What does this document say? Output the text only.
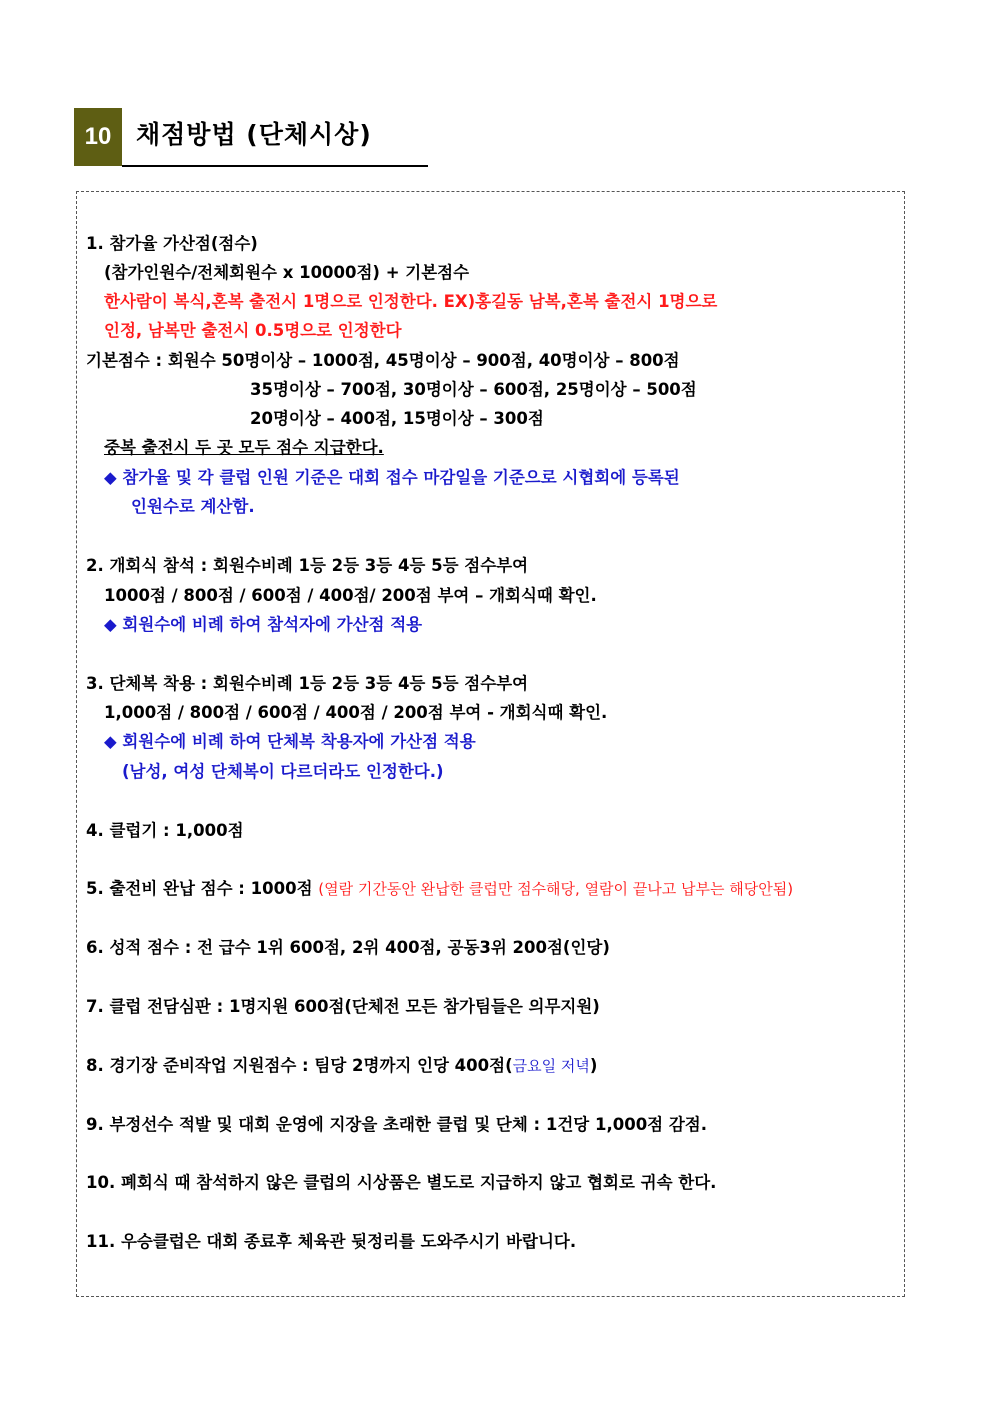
10 채점방법 (단체시상)
1. 참가율 가산점(점수)
(참가인원수/전체회원수 x 10000점) + 기본점수
한사람이 복식,혼복 출전시 1명으로 인정한다. EX)홍길동 남복,혼복 출전시 1명으로
인정, 남복만 출전시 0.5명으로 인정한다
기본점수 : 회원수 50명이상 – 1000점, 45명이상 – 900점, 40명이상 – 800점
35명이상 – 700점, 30명이상 – 600점, 25명이상 – 500점
20명이상 – 400점, 15명이상 – 300점
중복 출전시 두 곳 모두 점수 지급한다.
◆ 참가율 및 각 클럽 인원 기준은 대회 접수 마감일을 기준으로 시협회에 등록된
인원수로 계산함.
2. 개회식 참석 : 회원수비례 1등 2등 3등 4등 5등 점수부여
1000점 / 800점 / 600점 / 400점/ 200점 부여 – 개회식때 확인.
◆ 회원수에 비례 하여 참석자에 가산점 적용
3. 단체복 착용 : 회원수비례 1등 2등 3등 4등 5등 점수부여
1,000점 / 800점 / 600점 / 400점 / 200점 부여 - 개회식때 확인.
◆ 회원수에 비례 하여 단체복 착용자에 가산점 적용
(남성, 여성 단체복이 다르더라도 인정한다.)
4. 클럽기 : 1,000점
5. 출전비 완납 점수 : 1000점 (열람 기간동안 완납한 클럽만 점수해당, 열람이 끝나고 납부는 해당안됨)
6. 성적 점수 : 전 급수 1위 600점, 2위 400점, 공동3위 200점(인당)
7. 클럽 전담심판 : 1명지원 600점(단체전 모든 참가팀들은 의무지원)
8. 경기장 준비작업 지원점수 : 팀당 2명까지 인당 400점(금요일 저녁)
9. 부정선수 적발 및 대회 운영에 지장을 초래한 클럽 및 단체 : 1건당 1,000점 감점.
10. 폐회식 때 참석하지 않은 클럽의 시상품은 별도로 지급하지 않고 협회로 귀속 한다.
11. 우승클럽은 대회 종료후 체육관 뒷정리를 도와주시기 바랍니다.
